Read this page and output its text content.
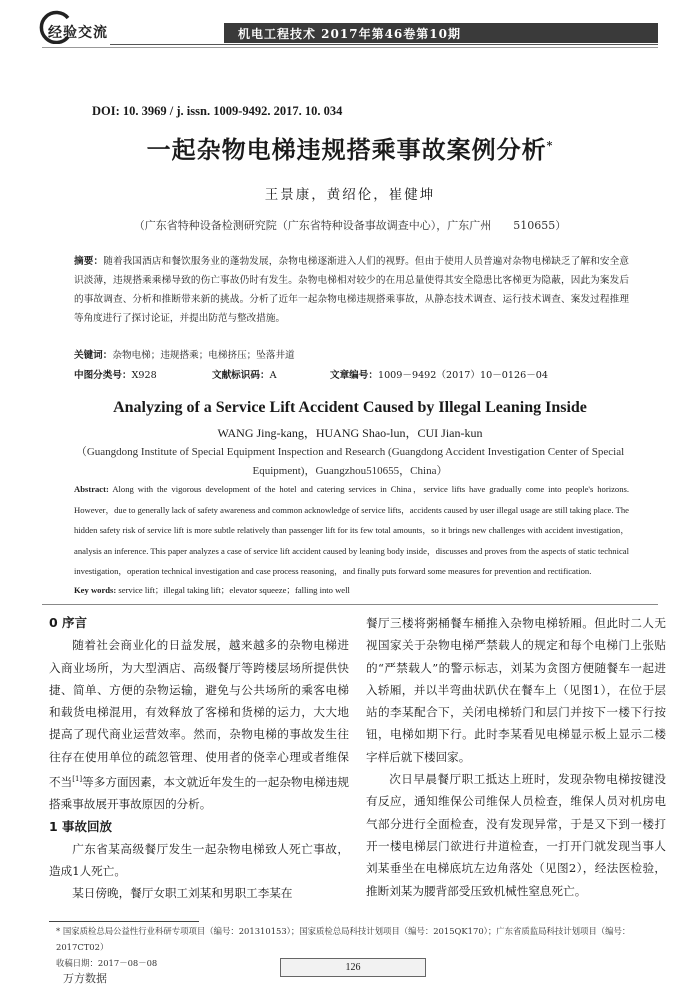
经验交流	机电工程技术 2017年第46卷第10期
DOI: 10. 3969 / j. issn. 1009-9492. 2017. 10. 034
一起杂物电梯违规搭乘事故案例分析*
王景康，黄绍伦，崔健坤
（广东省特种设备检测研究院（广东省特种设备事故调查中心），广东广州　　510655）
摘要：随着我国酒店和餐饮服务业的蓬勃发展，杂物电梯逐渐进入人们的视野。但由于使用人员普遍对杂物电梯缺乏了解和安全意识淡薄，违规搭乘乘梯导致的伤亡事故仍时有发生。杂物电梯相对较少的在用总量使得其安全隐患比客梯更为隐蔽，因此为案发后的事故调查、分析和推断带来新的挑战。分析了近年一起杂物电梯违规搭乘事故，从静态技术调查、运行技术调查、案发过程推理等角度进行了探讨论证，并提出防范与整改措施。
关键词：杂物电梯；违规搭乘；电梯挤压；坠落井道
中图分类号：X928	文献标识码：A	文章编号：1009－9492（2017）10－0126－04
Analyzing of a Service Lift Accident Caused by Illegal Leaning Inside
WANG Jing-kang，HUANG Shao-lun，CUI Jian-kun
（Guangdong Institute of Special Equipment Inspection and Research (Guangdong Accident Investigation Center of Special Equipment)，Guangzhou510655，China）
Abstract: Along with the vigorous development of the hotel and catering services in China，service lifts have gradually come into people's horizons. However，due to generally lack of safety awareness and common acknowledge of service lifts，accidents caused by user illegal usage are still taking place. The hidden safety risk of service lift is more subtle relatively than passenger lift for its few total amounts，so it brings new challenges with accident investigation，analysis an inference. This paper analyzes a case of service lift accident caused by leaning body inside，discusses and proves from the aspects of static technical investigation，operation technical investigation and case process reasoning，and finally puts forward some measures for prevention and rectification.
Key words: service lift；illegal taking lift；elevator squeeze；falling into well
0 序言

随着社会商业化的日益发展，越来越多的杂物电梯进入商业场所，为大型酒店、高级餐厅等跨楼层场所提供快捷、简单、方便的杂物运输，避免与公共场所的乘客电梯和载货电梯混用，有效释放了客梯和货梯的运力，大大地提高了现代商业运营效率。然而，杂物电梯的事故发生往往存在使用单位的疏忽管理、使用者的侥幸心理或者维保不当[1]等多方面因素，本文就近年发生的一起杂物电梯违规搭乘事故展开事故原因的分析。

1 事故回放

广东省某高级餐厅发生一起杂物电梯致人死亡事故，造成1人死亡。

某日傍晚，餐厅女职工刘某和男职工李某在

餐厅三楼将粥桶餐车桶推入杂物电梯轿厢。但此时二人无视国家关于杂物电梯严禁载人的规定和每个电梯门上张贴的“严禁载人”的警示标志，刘某为贪图方便随餐车一起进入轿厢，并以半弯曲状趴伏在餐车上（见图1），在位于层站的李某配合下，关闭电梯轿门和层门并按下一楼下行按钮，电梯如期下行。此时李某看见电梯显示板上显示二楼字样后就下楼回家。

次日早晨餐厅职工抵达上班时，发现杂物电梯按键没有反应，通知维保公司维保人员检查，维保人员对机房电气部分进行全面检查，没有发现异常，于是又下到一楼打开一楼电梯层门欲进行井道检查，一打开门就发现当事人刘某垂坐在电梯底坑左边角落处（见图2），经法医检验，推断刘某为腰背部受压致机械性窒息死亡。

* 国家质检总局公益性行业科研专项项目（编号：201310153）；国家质检总局科技计划项目（编号：2015QK170）；广东省质监局科技计划项目（编号：2017CT02）
收稿日期：2017－08－08	126
万方数据
